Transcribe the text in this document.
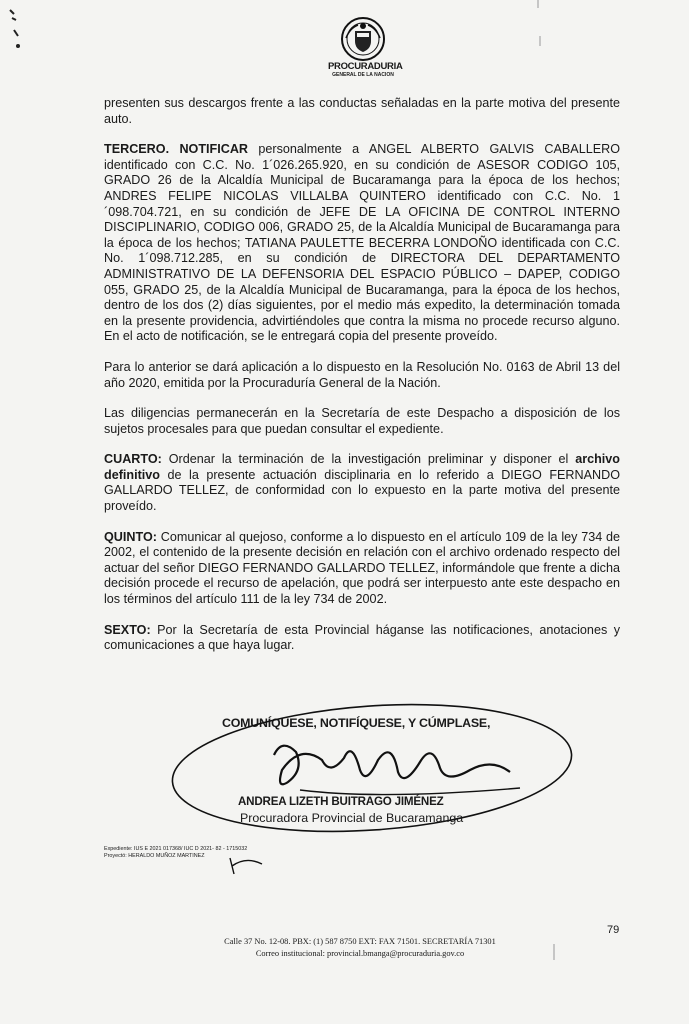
PROCURADURIA
GENERAL DE LA NACION

presenten sus descargos frente a las conductas señaladas en la parte motiva del presente auto.

TERCERO. NOTIFICAR personalmente a ANGEL ALBERTO GALVIS CABALLERO identificado con C.C. No. 1´026.265.920, en su condición de ASESOR CODIGO 105, GRADO 26 de la Alcaldía Municipal de Bucaramanga para la época de los hechos; ANDRES FELIPE NICOLAS VILLALBA QUINTERO identificado con C.C. No. 1´098.704.721, en su condición de JEFE DE LA OFICINA DE CONTROL INTERNO DISCIPLINARIO, CODIGO 006, GRADO 25, de la Alcaldía Municipal de Bucaramanga para la época de los hechos; TATIANA PAULETTE BECERRA LONDOÑO identificada con C.C. No. 1´098.712.285, en su condición de DIRECTORA DEL DEPARTAMENTO ADMINISTRATIVO DE LA DEFENSORIA DEL ESPACIO PÚBLICO – DAPEP, CODIGO 055, GRADO 25, de la Alcaldía Municipal de Bucaramanga, para la época de los hechos, dentro de los dos (2) días siguientes, por el medio más expedito, la determinación tomada en la presente providencia, advirtiéndoles que contra la misma no procede recurso alguno. En el acto de notificación, se le entregará copia del presente proveído.

Para lo anterior se dará aplicación a lo dispuesto en la Resolución No. 0163 de Abril 13 del año 2020, emitida por la Procuraduría General de la Nación.

Las diligencias permanecerán en la Secretaría de este Despacho a disposición de los sujetos procesales para que puedan consultar el expediente.

CUARTO: Ordenar la terminación de la investigación preliminar y disponer el archivo definitivo de la presente actuación disciplinaria en lo referido a DIEGO FERNANDO GALLARDO TELLEZ, de conformidad con lo expuesto en la parte motiva del presente proveído.

QUINTO: Comunicar al quejoso, conforme a lo dispuesto en el artículo 109 de la ley 734 de 2002, el contenido de la presente decisión en relación con el archivo ordenado respecto del actuar del señor DIEGO FERNANDO GALLARDO TELLEZ, informándole que frente a dicha decisión procede el recurso de apelación, que podrá ser interpuesto ante este despacho en los términos del artículo 111 de la ley 734 de 2002.

SEXTO: Por la Secretaría de esta Provincial háganse las notificaciones, anotaciones y comunicaciones a que haya lugar.

COMUNÍQUESE, NOTIFÍQUESE, Y CÚMPLASE,
ANDREA LIZETH BUITRAGO JIMÉNEZ
Procuradora Provincial de Bucaramanga
Expediente: IUS E 2021 017368/ IUC D 2021- 82 - 1715032
Proyectó: HERALDO MUÑOZ MARTINEZ
79
Calle 37 No. 12-08. PBX: (1) 587 8750 EXT: FAX 71501. SECRETARÍA 71301
Correo institucional: provincial.bmanga@procuraduria.gov.co
